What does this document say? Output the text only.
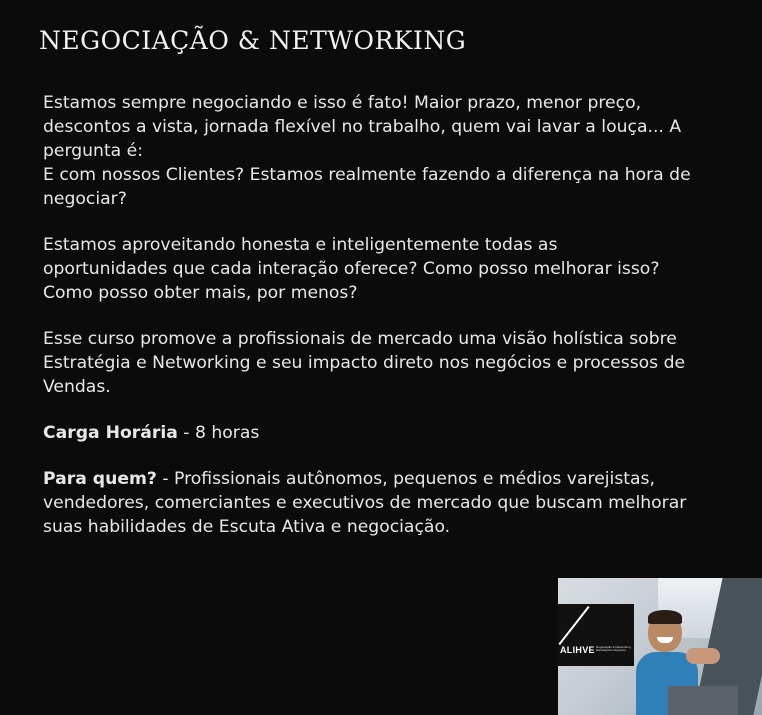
NEGOCIAÇÃO & NETWORKING

Estamos sempre negociando e isso é fato! Maior prazo, menor preço,
descontos a vista, jornada flexível no trabalho, quem vai lavar a louça... A
pergunta é:
E com nossos Clientes? Estamos realmente fazendo a diferença na hora de
negociar?

Estamos aproveitando honesta e inteligentemente todas as
oportunidades que cada interação oferece? Como posso melhorar isso?
Como posso obter mais, por menos?

Esse curso promove a profissionais de mercado uma visão holística sobre
Estratégia e Networking e seu impacto direto nos negócios e processos de
Vendas.

Carga Horária - 8 horas

Para quem? - Profissionais autônomos, pequenos e médios varejistas,
vendedores, comerciantes e executivos de mercado que buscam melhorar
suas habilidades de Escuta Ativa e negociação.

ALIHVE Negociação & Networking Estratégicos Negócios
